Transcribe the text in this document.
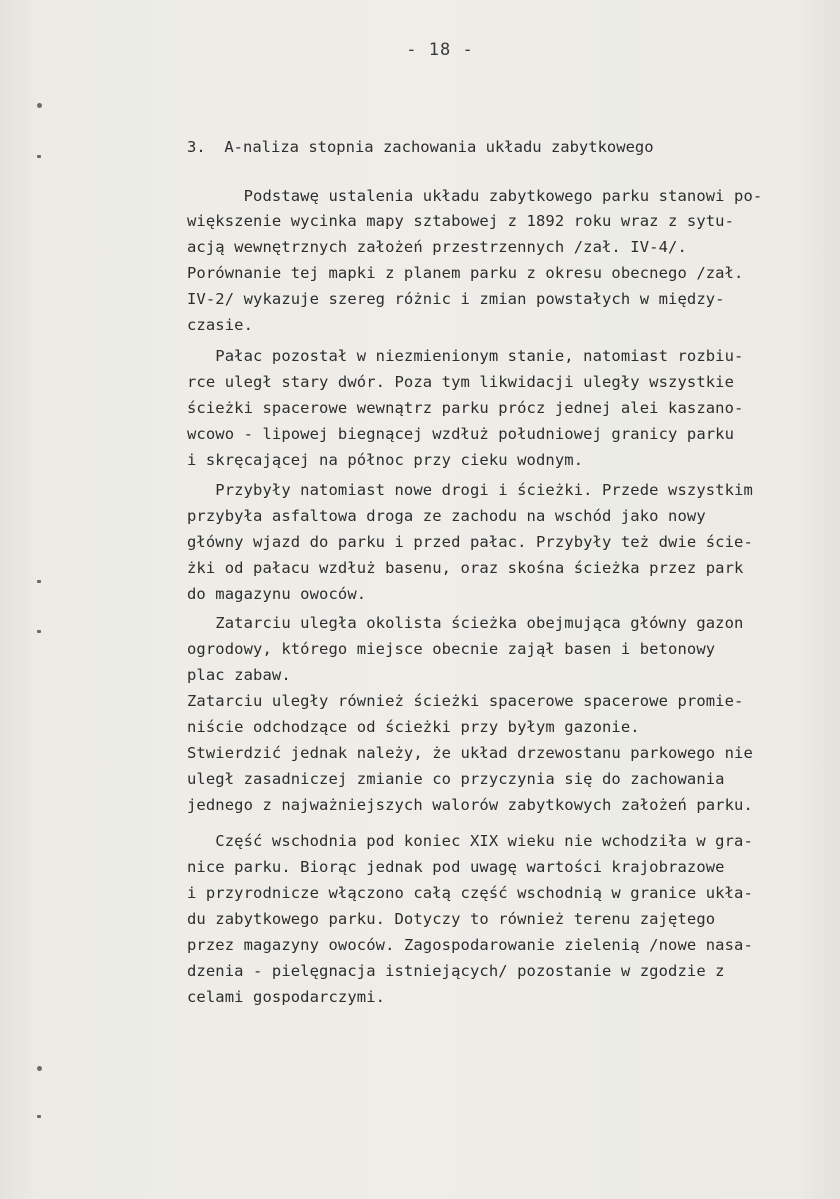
- 18 -
3.  A-naliza stopnia zachowania układu zabytkowego
Podstawę ustalenia układu zabytkowego parku stanowi po-
większenie wycinka mapy sztabowej z 1892 roku wraz z sytu-
acją wewnętrznych założeń przestrzennych /zał. IV-4/.
Porównanie tej mapki z planem parku z okresu obecnego /zał.
IV-2/ wykazuje szereg różnic i zmian powstałych w między-
czasie.
Pałac pozostał w niezmienionym stanie, natomiast rozbiu-
rce uległ stary dwór. Poza tym likwidacji uległy wszystkie
ścieżki spacerowe wewnątrz parku prócz jednej alei kaszano-
wcowo - lipowej biegnącej wzdłuż południowej granicy parku
i skręcającej na północ przy cieku wodnym.
Przybyły natomiast nowe drogi i ścieżki. Przede wszystkim
przybyła asfaltowa droga ze zachodu na wschód jako nowy
główny wjazd do parku i przed pałac. Przybyły też dwie ście-
żki od pałacu wzdłuż basenu, oraz skośna ścieżka przez park
do magazynu owoców.
Zatarciu uległa okolista ścieżka obejmująca główny gazon
ogrodowy, którego miejsce obecnie zajął basen i betonowy
plac zabaw.
Zatarciu uległy również ścieżki spacerowe spacerowe promie-
niście odchodzące od ścieżki przy byłym gazonie.
Stwierdzić jednak należy, że układ drzewostanu parkowego nie
uległ zasadniczej zmianie co przyczynia się do zachowania
jednego z najważniejszych walorów zabytkowych założeń parku.
Część wschodnia pod koniec XIX wieku nie wchodziła w gra-
nice parku. Biorąc jednak pod uwagę wartości krajobrazowe
i przyrodnicze włączono całą część wschodnią w granice ukła-
du zabytkowego parku. Dotyczy to również terenu zajętego
przez magazyny owoców. Zagospodarowanie zielenią /nowe nasa-
dzenia - pielęgnacja istniejących/ pozostanie w zgodzie z
celami gospodarczymi.
